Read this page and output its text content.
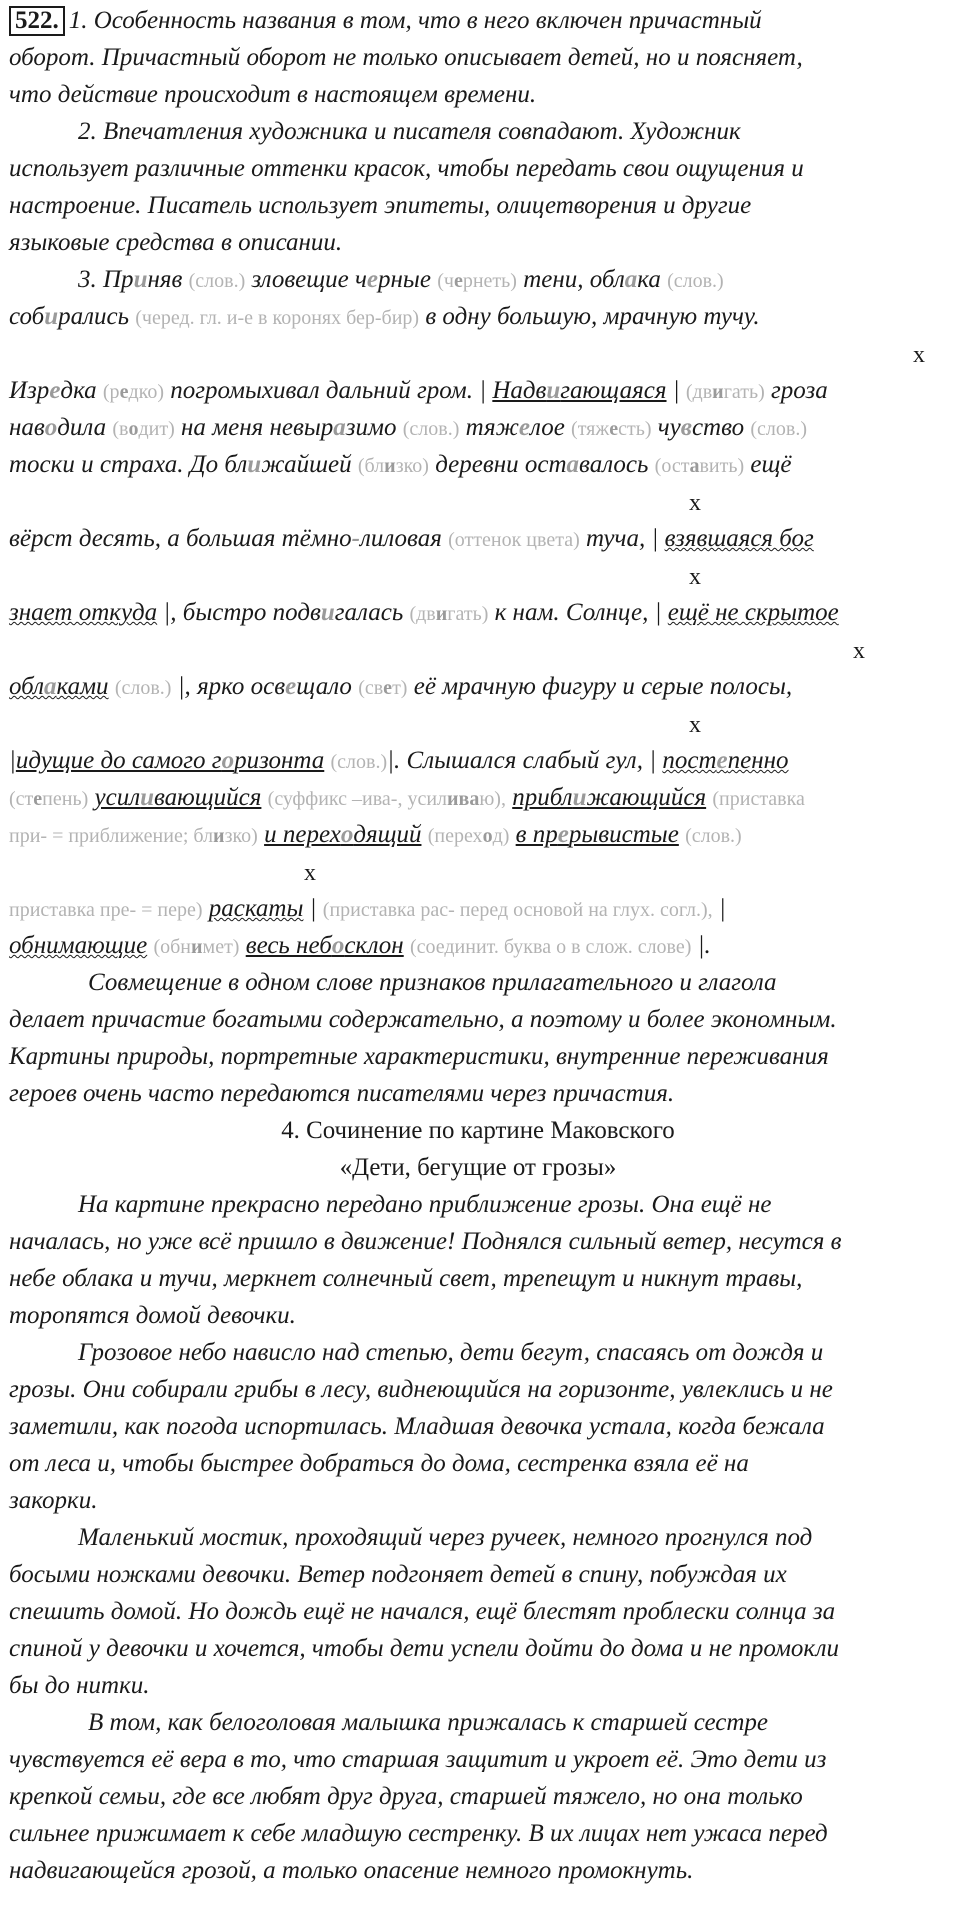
522. 1. Особенность названия в том, что в него включен причастный
оборот. Причастный оборот не только описывает детей, но и поясняет,
что действие происходит в настоящем времени.
2. Впечатления художника и писателя совпадают. Художник
использует различные оттенки красок, чтобы передать свои ощущения и
настроение. Писатель использует эпитеты, олицетворения и другие
языковые средства в описании.
3. Приняв (слов.) зловещие черные (чернеть) тени, облака (слов.)
собирались (черед. гл. и-е в коронях бер-бир) в одну большую, мрачную тучу.
x
Изредка (редко) погромыхивал дальний гром. | Надвигающаяся | (двигать) гроза
наводила (водит) на меня невыразимо (слов.) тяжелое (тяжесть) чувство (слов.)
тоски и страха. До ближайшей (близко) деревни оставалось (оставить) ещё
x
вёрст десять, а большая тёмно-лиловая (оттенок цвета) туча, | взявшаяся бог
x
знает откуда |, быстро подвигалась (двигать) к нам. Солнце, | ещё не скрытое
x
облаками (слов.) |, ярко освещало (свет) её мрачную фигуру и серые полосы,
x
|идущие до самого горизонта (слов.)|. Слышался слабый гул, | постепенно
(степень) усиливающийся (суффикс –ива-, усиливаю), приближающийся (приставка
при- = приближение; близко) и переходящий (переход) в прерывистые (слов.)
x
приставка пре- = пере) раскаты | (приставка рас- перед основой на глух. согл.), |
обнимающие (обнимет) весь небосклон (соединит. буква о в слож. слове) |.
Совмещение в одном слове признаков прилагательного и глагола
делает причастие богатыми содержательно, а поэтому и более экономным.
Картины природы, портретные характеристики, внутренние переживания
героев очень часто передаются писателями через причастия.
4. Сочинение по картине Маковского
«Дети, бегущие от грозы»
На картине прекрасно передано приближение грозы. Она ещё не
началась, но уже всё пришло в движение! Поднялся сильный ветер, несутся в
небе облака и тучи, меркнет солнечный свет, трепещут и никнут травы,
торопятся домой девочки.
Грозовое небо нависло над степью, дети бегут, спасаясь от дождя и
грозы. Они собирали грибы в лесу, виднеющийся на горизонте, увлеклись и не
заметили, как погода испортилась. Младшая девочка устала, когда бежала
от леса и, чтобы быстрее добраться до дома, сестренка взяла её на
закорки.
Маленький мостик, проходящий через ручеек, немного прогнулся под
босыми ножками девочки. Ветер подгоняет детей в спину, побуждая их
спешить домой. Но дождь ещё не начался, ещё блестят проблески солнца за
спиной у девочки и хочется, чтобы дети успели дойти до дома и не промокли
бы до нитки.
В том, как белоголовая малышка прижалась к старшей сестре
чувствуется её вера в то, что старшая защитит и укроет её. Это дети из
крепкой семьи, где все любят друг друга, старшей тяжело, но она только
сильнее прижимает к себе младшую сестренку. В их лицах нет ужаса перед
надвигающейся грозой, а только опасение немного промокнуть.
